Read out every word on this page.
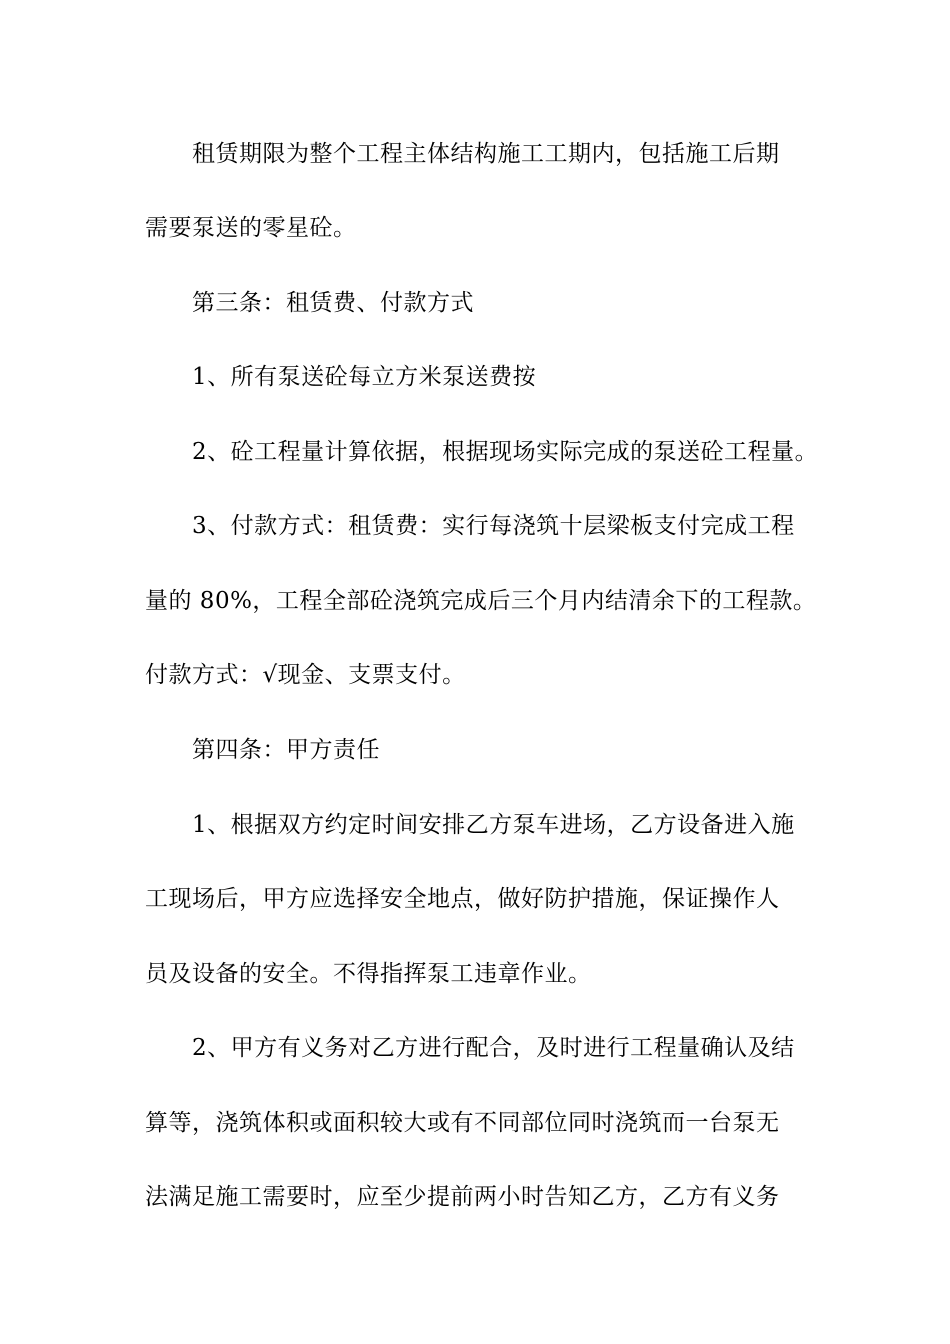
租赁期限为整个工程主体结构施工工期内，包括施工后期
需要泵送的零星砼。
第三条：租赁费、付款方式
1、所有泵送砼每立方米泵送费按
2、砼工程量计算依据，根据现场实际完成的泵送砼工程量。
3、付款方式：租赁费：实行每浇筑十层梁板支付完成工程
量的 80%，工程全部砼浇筑完成后三个月内结清余下的工程款。
付款方式：√现金、支票支付。
第四条：甲方责任
1、根据双方约定时间安排乙方泵车进场，乙方设备进入施
工现场后，甲方应选择安全地点，做好防护措施，保证操作人
员及设备的安全。不得指挥泵工违章作业。
2、甲方有义务对乙方进行配合，及时进行工程量确认及结
算等，浇筑体积或面积较大或有不同部位同时浇筑而一台泵无
法满足施工需要时，应至少提前两小时告知乙方，乙方有义务
